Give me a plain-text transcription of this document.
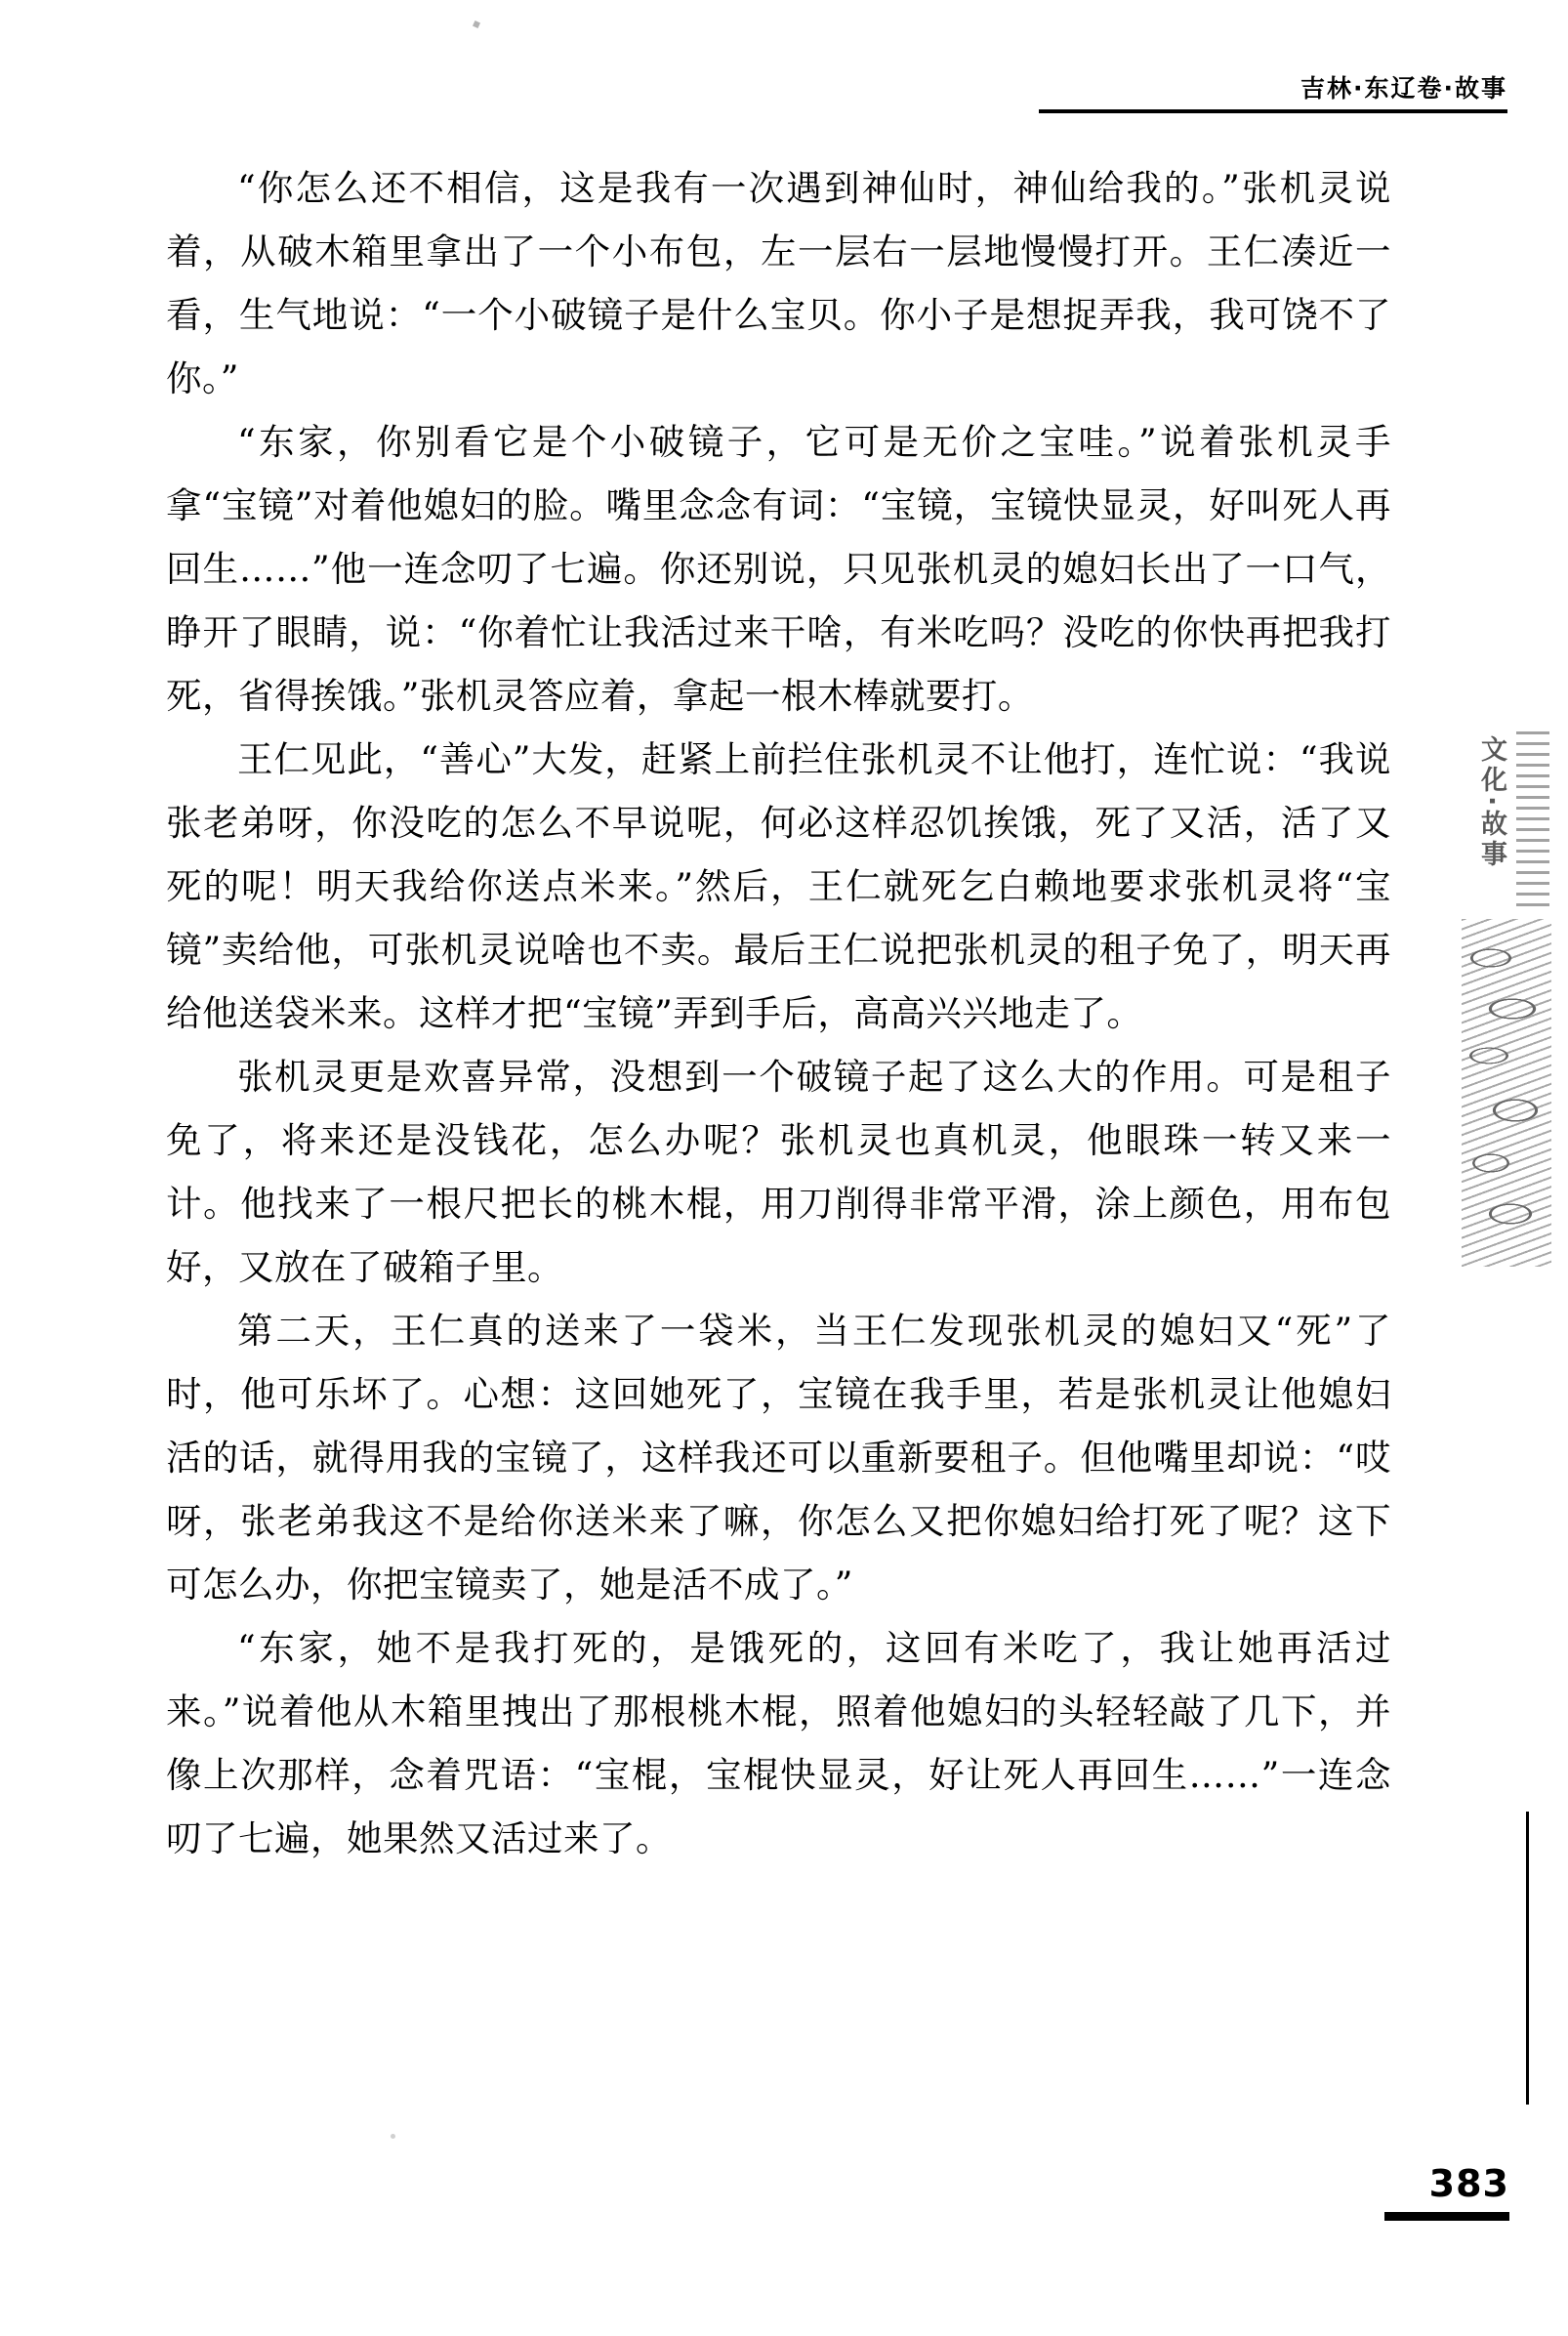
吉林·东辽卷·故事

“你怎么还不相信，这是我有一次遇到神仙时，神仙给我的。”张机灵说着，从破木箱里拿出了一个小布包，左一层右一层地慢慢打开。王仁凑近一看，生气地说：“一个小破镜子是什么宝贝。你小子是想捉弄我，我可饶不了你。”

“东家，你别看它是个小破镜子，它可是无价之宝哇。”说着张机灵手拿“宝镜”对着他媳妇的脸。嘴里念念有词：“宝镜，宝镜快显灵，好叫死人再回生……”他一连念叨了七遍。你还别说，只见张机灵的媳妇长出了一口气，睁开了眼睛，说：“你着忙让我活过来干啥，有米吃吗？没吃的你快再把我打死，省得挨饿。”张机灵答应着，拿起一根木棒就要打。

王仁见此，“善心”大发，赶紧上前拦住张机灵不让他打，连忙说：“我说张老弟呀，你没吃的怎么不早说呢，何必这样忍饥挨饿，死了又活，活了又死的呢！明天我给你送点米来。”然后，王仁就死乞白赖地要求张机灵将“宝镜”卖给他，可张机灵说啥也不卖。最后王仁说把张机灵的租子免了，明天再给他送袋米来。这样才把“宝镜”弄到手后，高高兴兴地走了。

张机灵更是欢喜异常，没想到一个破镜子起了这么大的作用。可是租子免了，将来还是没钱花，怎么办呢？张机灵也真机灵，他眼珠一转又来一计。他找来了一根尺把长的桃木棍，用刀削得非常平滑，涂上颜色，用布包好，又放在了破箱子里。

第二天，王仁真的送来了一袋米，当王仁发现张机灵的媳妇又“死”了时，他可乐坏了。心想：这回她死了，宝镜在我手里，若是张机灵让他媳妇活的话，就得用我的宝镜了，这样我还可以重新要租子。但他嘴里却说：“哎呀，张老弟我这不是给你送米来了嘛，你怎么又把你媳妇给打死了呢？这下可怎么办，你把宝镜卖了，她是活不成了。”

“东家，她不是我打死的，是饿死的，这回有米吃了，我让她再活过来。”说着他从木箱里拽出了那根桃木棍，照着他媳妇的头轻轻敲了几下，并像上次那样，念着咒语：“宝棍，宝棍快显灵，好让死人再回生……”一连念叨了七遍，她果然又活过来了。

文化·故事
383
